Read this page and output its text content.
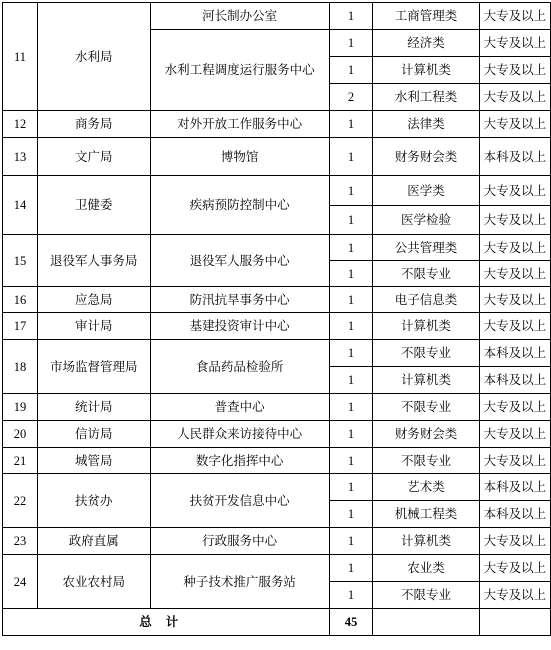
11	水利局	河长制办公室	1	工商管理类	大专及以上
		水利工程调度运行服务中心	1	经济类	大专及以上
			1	计算机类	大专及以上
			2	水利工程类	大专及以上
12	商务局	对外开放工作服务中心	1	法律类	大专及以上
13	文广局	博物馆	1	财务财会类	本科及以上
14	卫健委	疾病预防控制中心	1	医学类	大专及以上
			1	医学检验	大专及以上
15	退役军人事务局	退役军人服务中心	1	公共管理类	大专及以上
			1	不限专业	大专及以上
16	应急局	防汛抗旱事务中心	1	电子信息类	大专及以上
17	审计局	基建投资审计中心	1	计算机类	大专及以上
18	市场监督管理局	食品药品检验所	1	不限专业	本科及以上
			1	计算机类	本科及以上
19	统计局	普查中心	1	不限专业	大专及以上
20	信访局	人民群众来访接待中心	1	财务财会类	大专及以上
21	城管局	数字化指挥中心	1	不限专业	大专及以上
22	扶贫办	扶贫开发信息中心	1	艺术类	本科及以上
			1	机械工程类	本科及以上
23	政府直属	行政服务中心	1	计算机类	大专及以上
24	农业农村局	种子技术推广服务站	1	农业类	大专及以上
			1	不限专业	大专及以上
总计			45		
